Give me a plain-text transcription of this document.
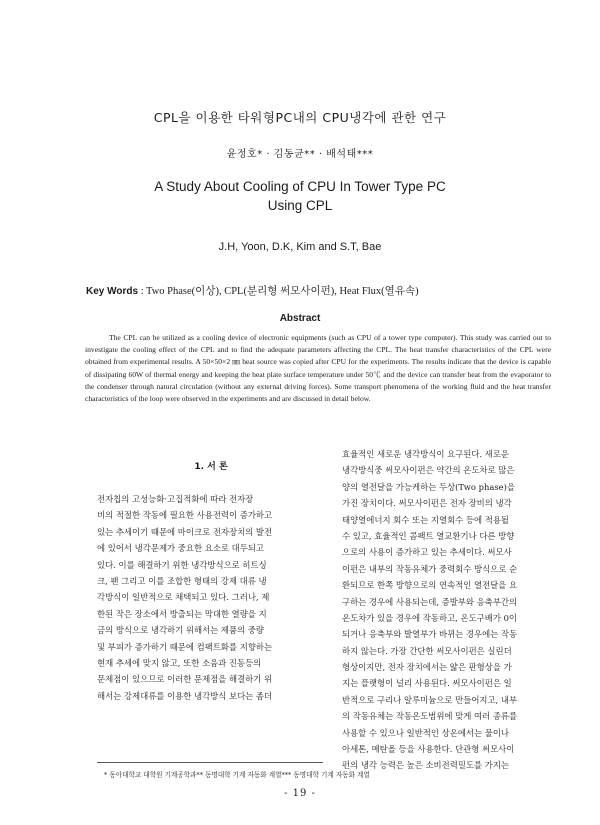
CPL을 이용한 타워형PC내의 CPU냉각에 관한 연구
윤정호* · 김동균** · 배석태***
A Study About Cooling of CPU In Tower Type PC
Using CPL
J.H, Yoon, D.K, Kim and S.T, Bae
Key Words : Two Phase(이상), CPL(분리형 써모사이펀), Heat Flux(열유속)
Abstract

The CPL can be utilized as a cooling device of electronic equipments (such as CPU of a tower type computer). This study was carried out to investigate the cooling effect of the CPL and to find the adequate parameters affecting the CPL. The heat transfer characteristics of the CPL were obtained from experimental results. A 50×50×2 ㎜ heat source was copied after CPU for the experiments. The results indicate that the device is capable of dissipating 60W of thermal energy and keeping the heat plate surface temperature under 50℃ and the device can transfer heat from the evaporator to the condenser through natural circulation (without any external driving forces). Some transport phenomena of the working fluid and the heat transfer characteristics of the loop were observed in the experiments and are discussed in detail below.

1. 서 론
전자칩의 고성능화·고집적화에 따라 전자장
비의 적절한 작동에 필요한 사용전력이 증가하고
있는 추세이기 때문에 마이크로 전자장치의 발전
에 있어서 냉각문제가 중요한 요소로 대두되고
있다. 이를 해결하기 위한 냉각방식으로 히트싱
크, 팬 그리고 이를 조합한 형태의 강제 대류 냉
각방식이 일반적으로 채택되고 있다. 그러나, 제
한된 작은 장소에서 방출되는 막대한 열량을 지
금의 방식으로 냉각하기 위해서는 제품의 중량
및 부피가 증가하기 때문에 컴팩트화를 지향하는
현재 추세에 맞지 않고, 또한 소음과 진동등의
문제점이 있으므로 이러한 문제점을 해결하기 위
해서는 강제대류를 이용한 냉각방식 보다는 좀더
효율적인 새로운 냉각방식이 요구된다. 새로운
냉각방식중 써모사이펀은 약간의 온도차로 많은
양의 열전달을 가능케하는 두상(Two phase)을
가진 장치이다. 써모사이펀은 전자 장비의 냉각
태양열에너지 회수 또는 지열회수 등에 적용될
수 있고, 효율적인 콤팩트 열교환기나 다른 방향
으로의 사용이 증가하고 있는 추세이다. 써모사
이펀은 내부의 작동유체가 중력회수 방식으로 순
환되므로 한쪽 방향으로의 연속적인 열전달을 요
구하는 경우에 사용되는데, 증발부와 응축부간의
온도차가 있을 경우에 작동하고, 온도구배가 0이
되거나 응축부와 발열부가 바뀌는 경우에는 작동
하지 않는다. 가장 간단한 써모사이펀은 실린더
형상이지만, 전자 장치에서는 얇은 판형상을 가
지는 플랫형이 널리 사용된다. 써모사이펀은 일
반적으로 구리나 알루미늄으로 만들어지고, 내부
의 작동유체는 작동온도범위에 맞게 여러 종류를
사용할 수 있으나 일반적인 상온에서는 물이나
아세톤, 메탄올 등을 사용한다. 단관형 써모사이
펀의 냉각 능력은 높은 소비전력밀도를 가지는
* 동아대학교 대학원 기계공학과** 동명대학 기계 자동화 계열*** 동명대학 기계 자동화 계열
- 19 -
